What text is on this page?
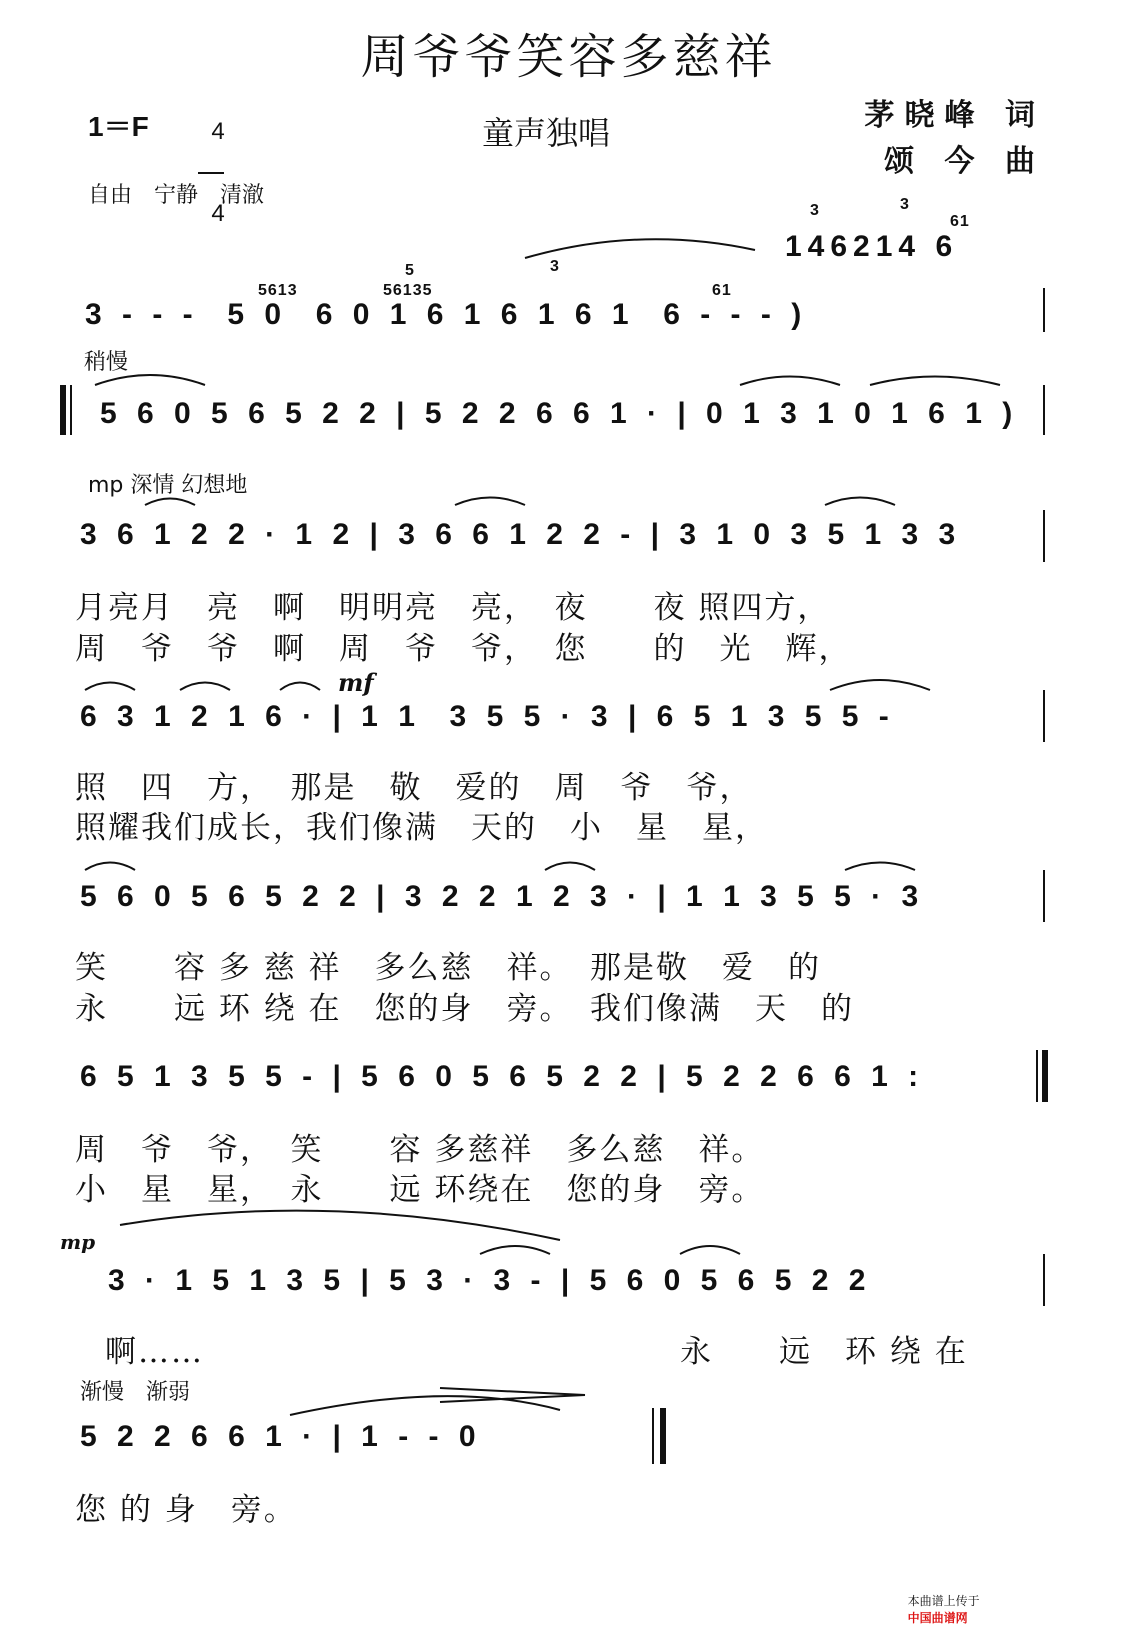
周爷爷笑容多慈祥
1＝F	4

4

童声独唱	茅晓峰 词
颂 今 曲
自由　宁静　清澈
146214 6
61
3	3
3 - - -  5 0  6 0 1 6 1 6 1 6 1  6 - - - )
5613	56135
5	3
61
稍慢
5 6 0 5 6 5 2 2 | 5 2 2 6 6 1 · | 0 1 3 1 0 1 6 1 )
mp 深情 幻想地
3 6 1 2 2 · 1 2 | 3 6 6 1 2 2 - | 3 1 0 3 5 1 3 3
月亮月　亮　啊　明明亮　亮，　夜　　夜 照四方，
周　爷　爷　啊　周　爷　爷，　您　　的　光　辉，
6 3 1 2 1 6 · | 1 1  3 5 5 · 3 | 6 5 1 3 5 5 -
mf
照　四　方，　那是　敬　爱的　周　爷　爷，
照耀我们成长，我们像满　天的　小　星　星，
5 6 0 5 6 5 2 2 | 3 2 2 1 2 3 · | 1 1 3 5 5 · 3
笑　　容 多 慈 祥　多么慈　祥。　那是敬　爱　的
永　　远 环 绕 在　您的身　旁。　我们像满　天　的
6 5 1 3 5 5 - | 5 6 0 5 6 5 2 2 | 5 2 2 6 6 1 :
周　爷　爷，　笑　　容 多慈祥　多么慈　祥。
小　星　星，　永　　远 环绕在　您的身　旁。
mp
3 · 1 5 1 3 5 | 5 3 · 3 - | 5 6 0 5 6 5 2 2
啊……	永　　远　环 绕 在
渐慢　渐弱
5 2 2 6 6 1 · | 1 - - 0
您 的 身　旁。

本曲谱上传于
中国曲谱网
